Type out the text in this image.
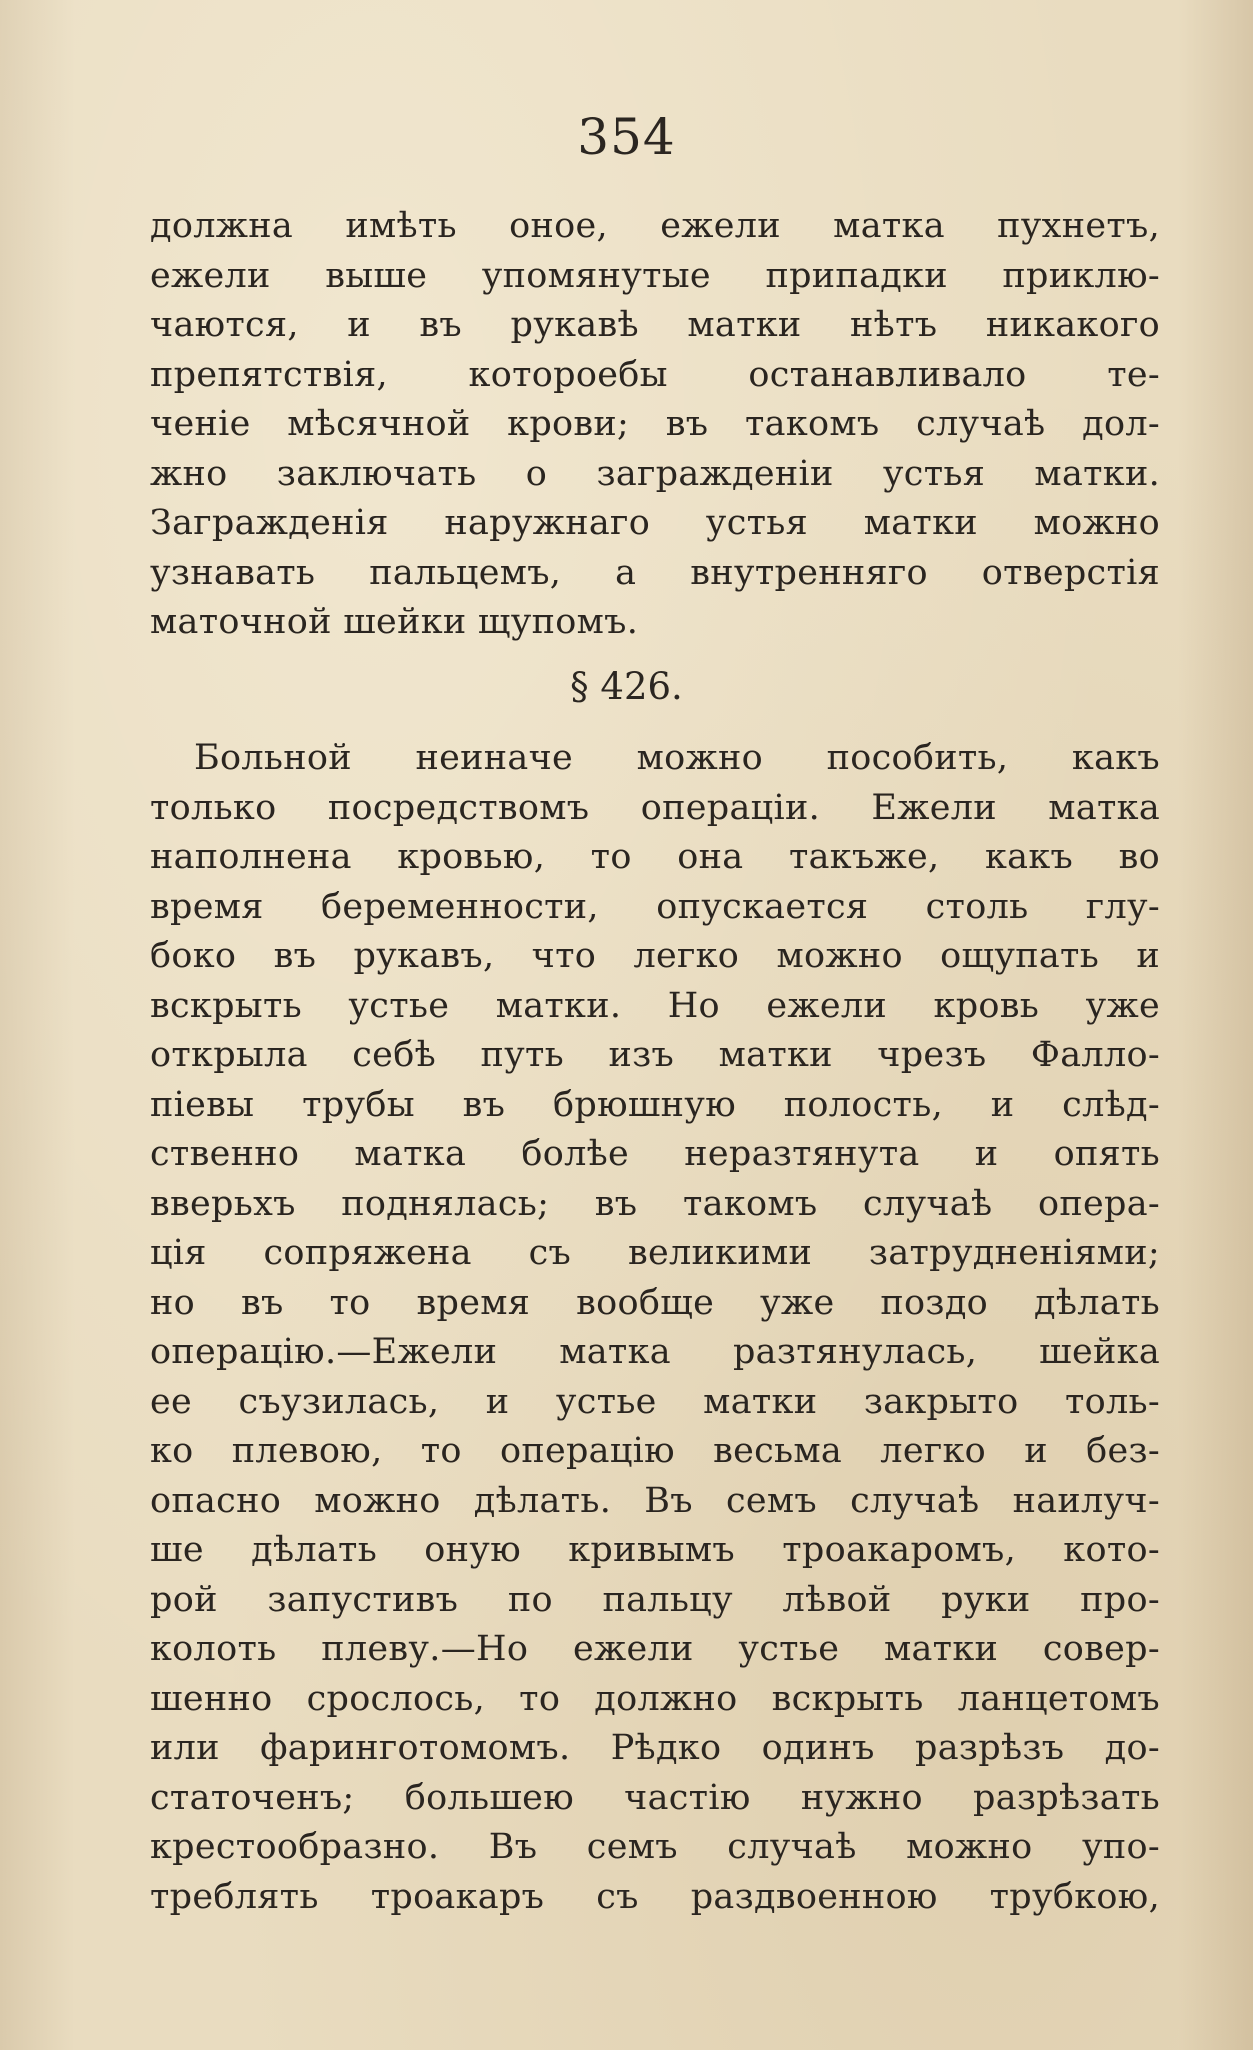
354
должна имѣть оное, ежели матка пухнетъ,
ежели выше упомянутые припадки приклю-
чаются, и въ рукавѣ матки нѣтъ никакого
препятствія, котороебы останавливало те-
ченіе мѣсячной крови; въ такомъ случаѣ дол-
жно заключать о загражденіи устья матки.
Загражденія наружнаго устья матки можно
узнавать пальцемъ, а внутренняго отверстія
маточной шейки щупомъ.
§ 426.
Больной неиначе можно пособить, какъ
только посредствомъ операціи. Ежели матка
наполнена кровью, то она такъже, какъ во
время беременности, опускается столь глу-
боко въ рукавъ, что легко можно ощупать и
вскрыть устье матки. Но ежели кровь уже
открыла себѣ путь изъ матки чрезъ Фалло-
піевы трубы въ брюшную полость, и слѣд-
ственно матка болѣе неразтянута и опять
вверьхъ поднялась; въ такомъ случаѣ опера-
ція сопряжена съ великими затрудненіями;
но въ то время вообще уже поздо дѣлать
операцію.—Ежели матка разтянулась, шейка
ее съузилась, и устье матки закрыто толь-
ко плевою, то операцію весьма легко и без-
опасно можно дѣлать. Въ семъ случаѣ наилуч-
ше дѣлать оную кривымъ троакаромъ, кото-
рой запустивъ по пальцу лѣвой руки про-
колоть плеву.—Но ежели устье матки совер-
шенно срослось, то должно вскрыть ланцетомъ
или фаринготомомъ. Рѣдко одинъ разрѣзъ до-
статоченъ; большею частію нужно разрѣзать
крестообразно. Въ семъ случаѣ можно упо-
треблять троакаръ съ раздвоенною трубкою,
